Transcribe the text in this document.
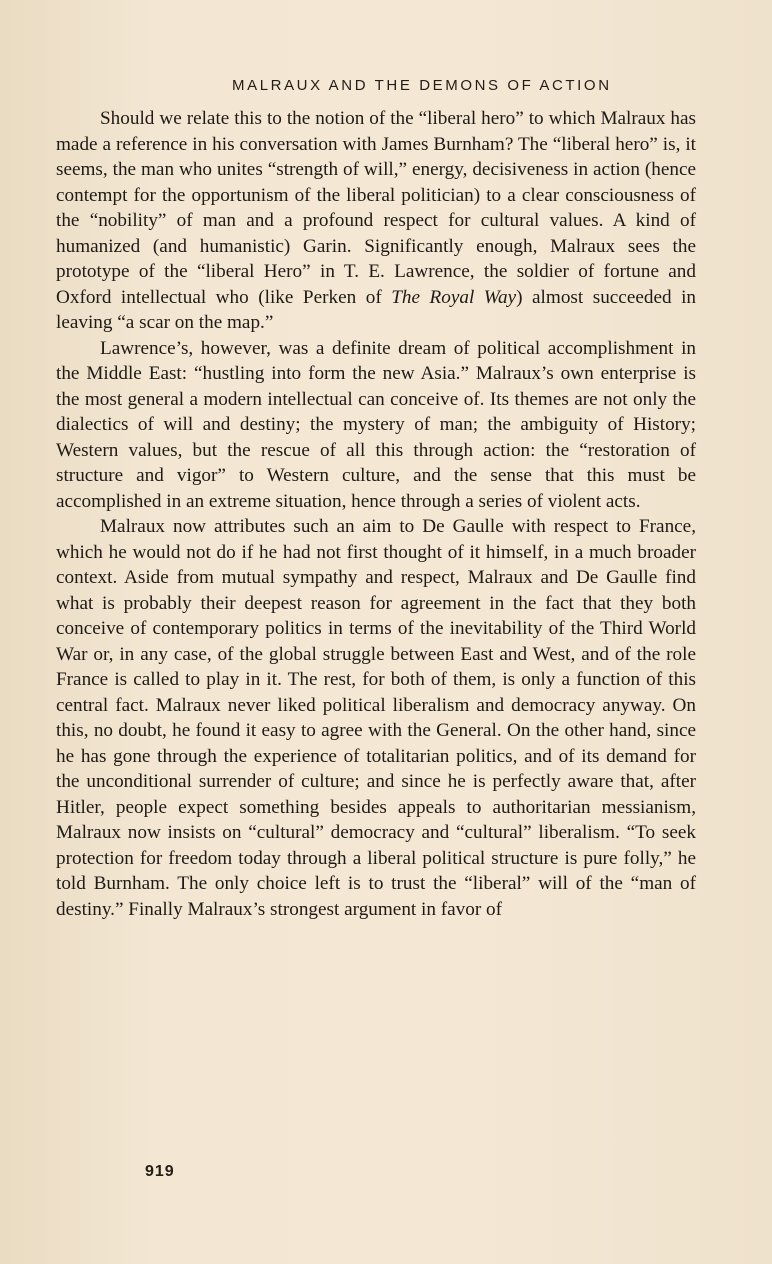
MALRAUX AND THE DEMONS OF ACTION

Should we relate this to the notion of the “liberal hero” to which Malraux has made a reference in his conversation with James Burnham? The “liberal hero” is, it seems, the man who unites “strength of will,” energy, decisiveness in action (hence contempt for the opportunism of the liberal politician) to a clear consciousness of the “nobility” of man and a profound respect for cultural values. A kind of humanized (and humanistic) Garin. Significantly enough, Malraux sees the prototype of the “liberal Hero” in T. E. Lawrence, the soldier of fortune and Oxford intellectual who (like Perken of The Royal Way) almost succeeded in leaving “a scar on the map.”

Lawrence’s, however, was a definite dream of political accomplishment in the Middle East: “hustling into form the new Asia.” Malraux’s own enterprise is the most general a modern intellectual can conceive of. Its themes are not only the dialectics of will and destiny; the mystery of man; the ambiguity of History; Western values, but the rescue of all this through action: the “restoration of structure and vigor” to Western culture, and the sense that this must be accomplished in an extreme situation, hence through a series of violent acts.

Malraux now attributes such an aim to De Gaulle with respect to France, which he would not do if he had not first thought of it himself, in a much broader context. Aside from mutual sympathy and respect, Malraux and De Gaulle find what is probably their deepest reason for agreement in the fact that they both conceive of contemporary politics in terms of the inevitability of the Third World War or, in any case, of the global struggle between East and West, and of the role France is called to play in it. The rest, for both of them, is only a function of this central fact. Malraux never liked political liberalism and democracy anyway. On this, no doubt, he found it easy to agree with the General. On the other hand, since he has gone through the experience of totalitarian politics, and of its demand for the unconditional surrender of culture; and since he is perfectly aware that, after Hitler, people expect something besides appeals to authoritarian messianism, Malraux now insists on “cultural” democracy and “cultural” liberalism. “To seek protection for freedom today through a liberal political structure is pure folly,” he told Burnham. The only choice left is to trust the “liberal” will of the “man of destiny.” Finally Malraux’s strongest argument in favor of

919
